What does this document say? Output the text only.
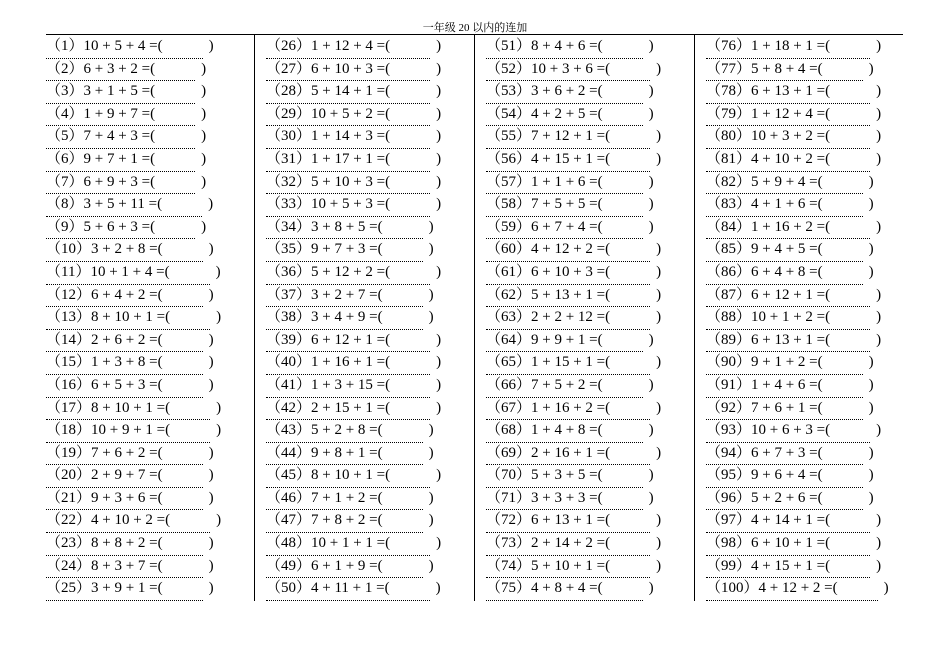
一年级 20 以内的连加
（1）10 + 5 + 4 =(	)
（2）6 + 3 + 2 =(	)
（3）3 + 1 + 5 =(	)
（4）1 + 9 + 7 =(	)
（5）7 + 4 + 3 =(	)
（6）9 + 7 + 1 =(	)
（7）6 + 9 + 3 =(	)
（8）3 + 5 + 11 =(	)
（9）5 + 6 + 3 =(	)
（10）3 + 2 + 8 =(	)
（11）10 + 1 + 4 =(	)
（12）6 + 4 + 2 =(	)
（13）8 + 10 + 1 =(	)
（14）2 + 6 + 2 =(	)
（15）1 + 3 + 8 =(	)
（16）6 + 5 + 3 =(	)
（17）8 + 10 + 1 =(	)
（18）10 + 9 + 1 =(	)
（19）7 + 6 + 2 =(	)
（20）2 + 9 + 7 =(	)
（21）9 + 3 + 6 =(	)
（22）4 + 10 + 2 =(	)
（23）8 + 8 + 2 =(	)
（24）8 + 3 + 7 =(	)
（25）3 + 9 + 1 =(	)
（26）1 + 12 + 4 =(	)
（27）6 + 10 + 3 =(	)
（28）5 + 14 + 1 =(	)
（29）10 + 5 + 2 =(	)
（30）1 + 14 + 3 =(	)
（31）1 + 17 + 1 =(	)
（32）5 + 10 + 3 =(	)
（33）10 + 5 + 3 =(	)
（34）3 + 8 + 5 =(	)
（35）9 + 7 + 3 =(	)
（36）5 + 12 + 2 =(	)
（37）3 + 2 + 7 =(	)
（38）3 + 4 + 9 =(	)
（39）6 + 12 + 1 =(	)
（40）1 + 16 + 1 =(	)
（41）1 + 3 + 15 =(	)
（42）2 + 15 + 1 =(	)
（43）5 + 2 + 8 =(	)
（44）9 + 8 + 1 =(	)
（45）8 + 10 + 1 =(	)
（46）7 + 1 + 2 =(	)
（47）7 + 8 + 2 =(	)
（48）10 + 1 + 1 =(	)
（49）6 + 1 + 9 =(	)
（50）4 + 11 + 1 =(	)
（51）8 + 4 + 6 =(	)
（52）10 + 3 + 6 =(	)
（53）3 + 6 + 2 =(	)
（54）4 + 2 + 5 =(	)
（55）7 + 12 + 1 =(	)
（56）4 + 15 + 1 =(	)
（57）1 + 1 + 6 =(	)
（58）7 + 5 + 5 =(	)
（59）6 + 7 + 4 =(	)
（60）4 + 12 + 2 =(	)
（61）6 + 10 + 3 =(	)
（62）5 + 13 + 1 =(	)
（63）2 + 2 + 12 =(	)
（64）9 + 9 + 1 =(	)
（65）1 + 15 + 1 =(	)
（66）7 + 5 + 2 =(	)
（67）1 + 16 + 2 =(	)
（68）1 + 4 + 8 =(	)
（69）2 + 16 + 1 =(	)
（70）5 + 3 + 5 =(	)
（71）3 + 3 + 3 =(	)
（72）6 + 13 + 1 =(	)
（73）2 + 14 + 2 =(	)
（74）5 + 10 + 1 =(	)
（75）4 + 8 + 4 =(	)
（76）1 + 18 + 1 =(	)
（77）5 + 8 + 4 =(	)
（78）6 + 13 + 1 =(	)
（79）1 + 12 + 4 =(	)
（80）10 + 3 + 2 =(	)
（81）4 + 10 + 2 =(	)
（82）5 + 9 + 4 =(	)
（83）4 + 1 + 6 =(	)
（84）1 + 16 + 2 =(	)
（85）9 + 4 + 5 =(	)
（86）6 + 4 + 8 =(	)
（87）6 + 12 + 1 =(	)
（88）10 + 1 + 2 =(	)
（89）6 + 13 + 1 =(	)
（90）9 + 1 + 2 =(	)
（91）1 + 4 + 6 =(	)
（92）7 + 6 + 1 =(	)
（93）10 + 6 + 3 =(	)
（94）6 + 7 + 3 =(	)
（95）9 + 6 + 4 =(	)
（96）5 + 2 + 6 =(	)
（97）4 + 14 + 1 =(	)
（98）6 + 10 + 1 =(	)
（99）4 + 15 + 1 =(	)
（100）4 + 12 + 2 =(	)
